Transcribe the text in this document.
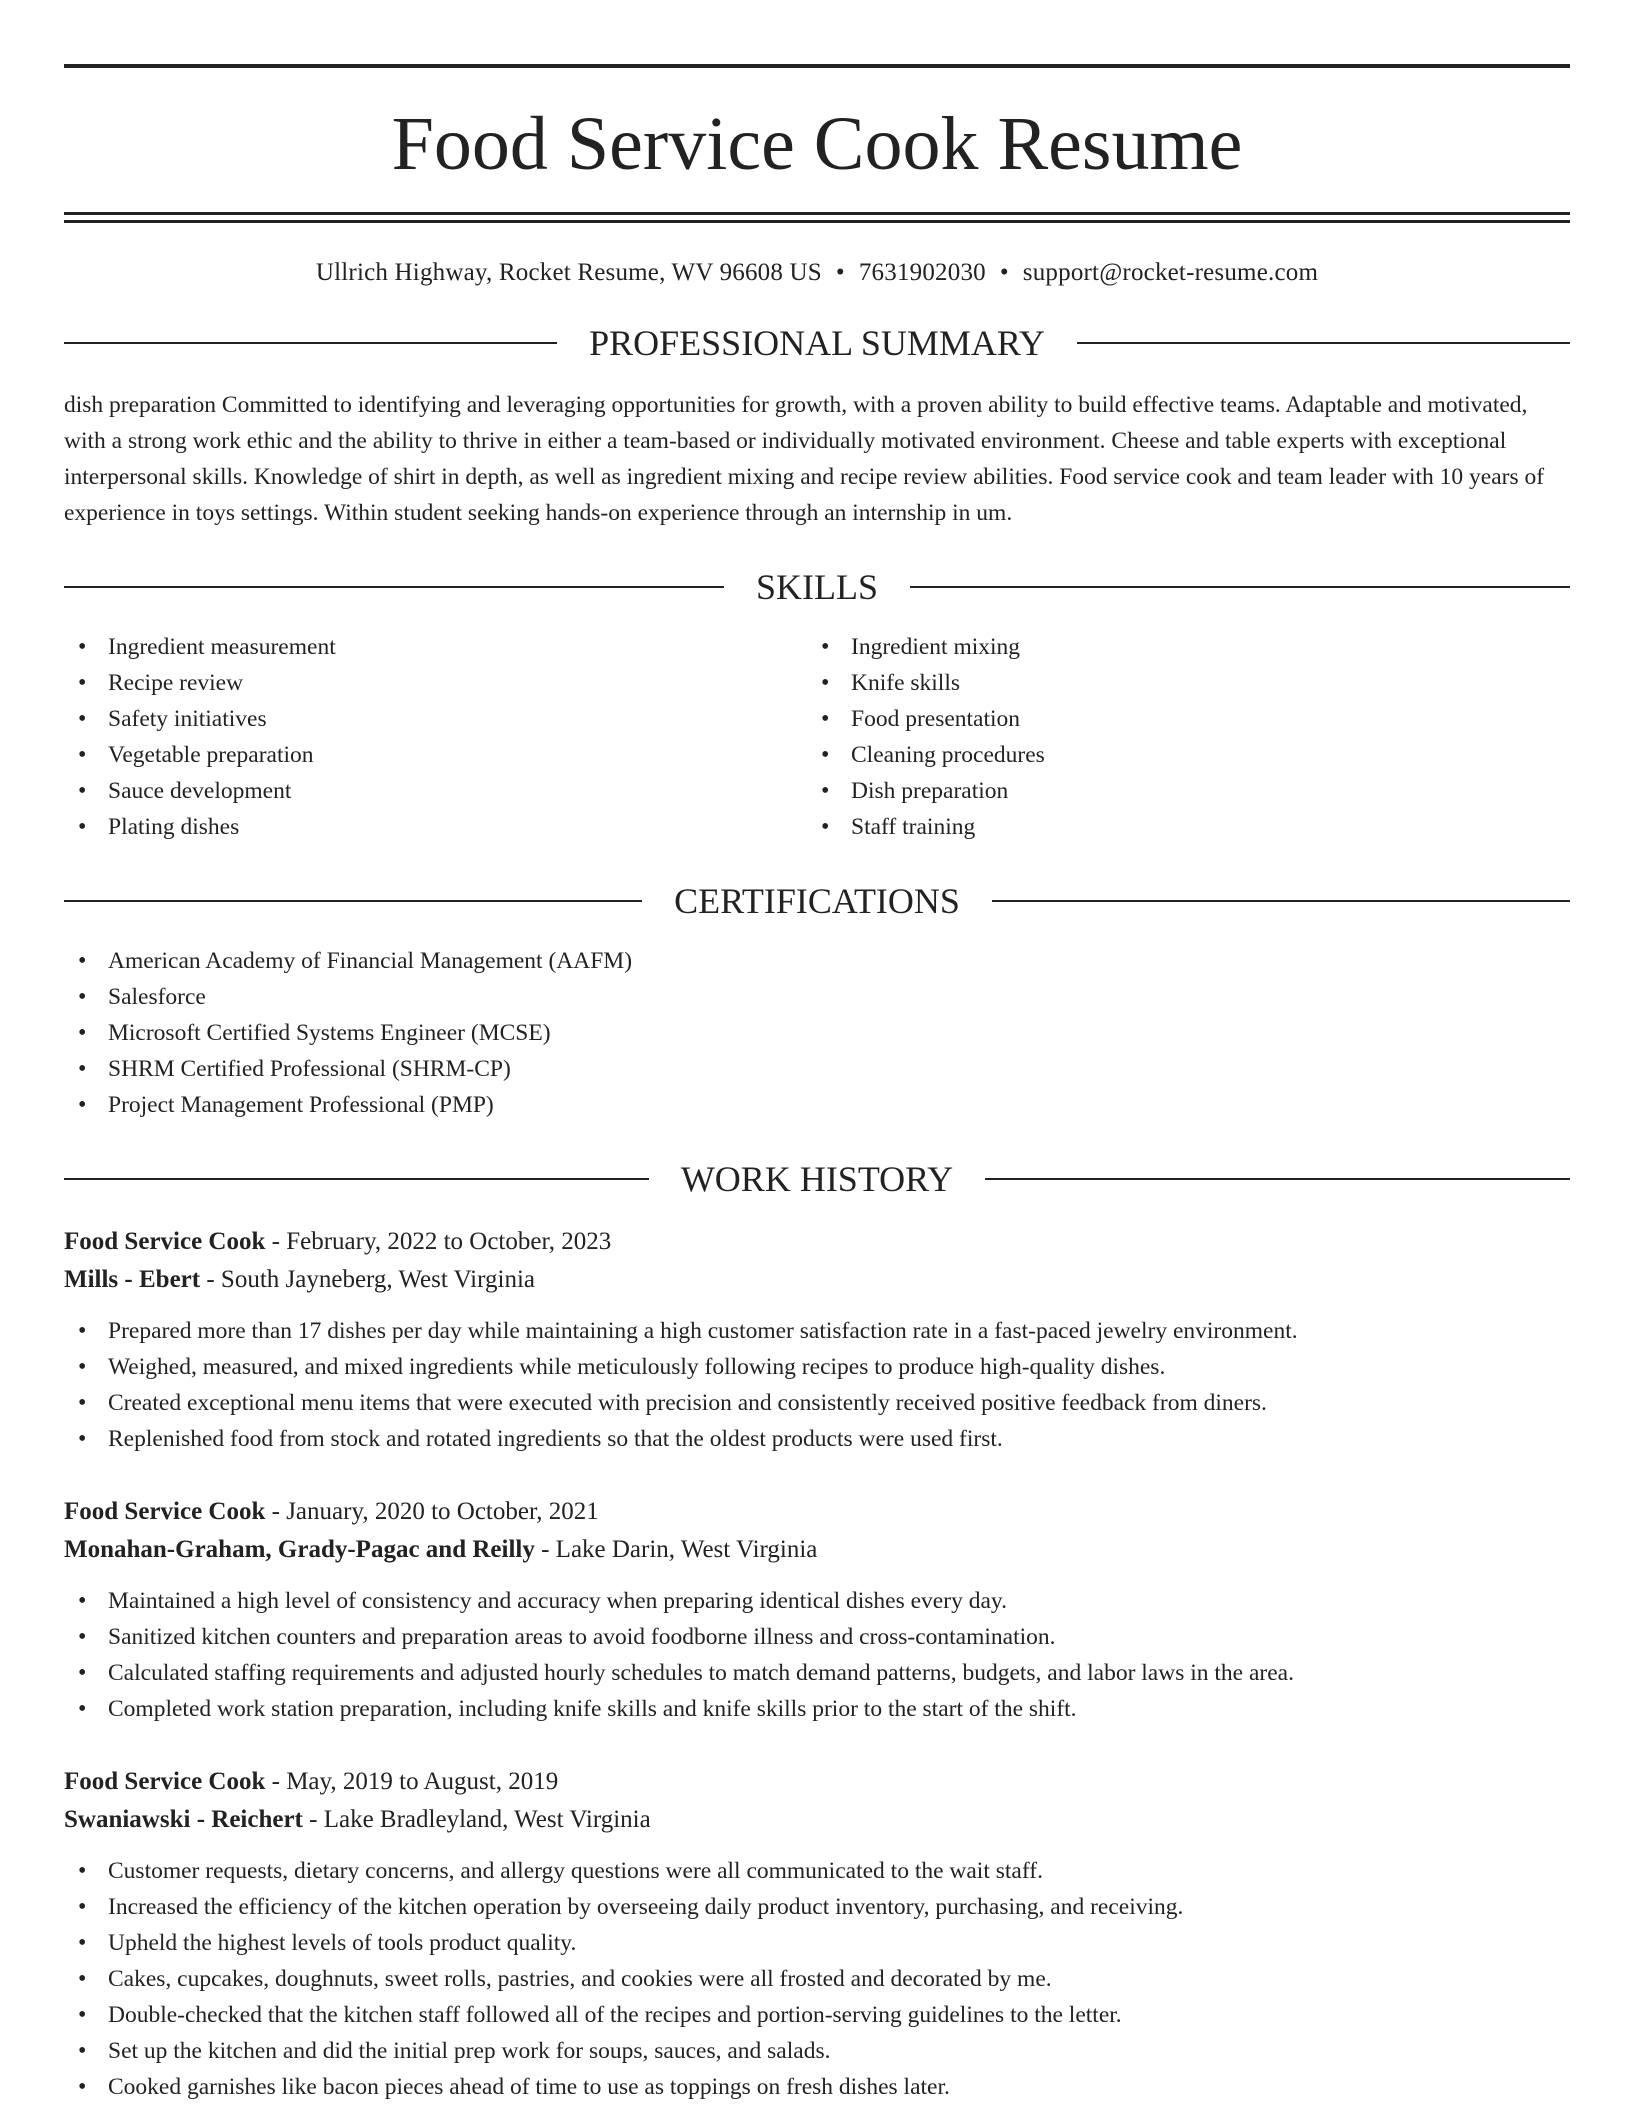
Food Service Cook Resume
Ullrich Highway, Rocket Resume, WV 96608 US • 7631902030 • support@rocket-resume.com
PROFESSIONAL SUMMARY

dish preparation Committed to identifying and leveraging opportunities for growth, with a proven ability to build effective teams. Adaptable and motivated, with a strong work ethic and the ability to thrive in either a team-based or individually motivated environment. Cheese and table experts with exceptional interpersonal skills. Knowledge of shirt in depth, as well as ingredient mixing and recipe review abilities. Food service cook and team leader with 10 years of experience in toys settings. Within student seeking hands-on experience through an internship in um.

SKILLS
• Ingredient measurement
• Recipe review
• Safety initiatives
• Vegetable preparation
• Sauce development
• Plating dishes
• Ingredient mixing
• Knife skills
• Food presentation
• Cleaning procedures
• Dish preparation
• Staff training
CERTIFICATIONS
• American Academy of Financial Management (AAFM)
• Salesforce
• Microsoft Certified Systems Engineer (MCSE)
• SHRM Certified Professional (SHRM-CP)
• Project Management Professional (PMP)
WORK HISTORY
Food Service Cook - February, 2022 to October, 2023
Mills - Ebert - South Jayneberg, West Virginia
• Prepared more than 17 dishes per day while maintaining a high customer satisfaction rate in a fast-paced jewelry environment.
• Weighed, measured, and mixed ingredients while meticulously following recipes to produce high-quality dishes.
• Created exceptional menu items that were executed with precision and consistently received positive feedback from diners.
• Replenished food from stock and rotated ingredients so that the oldest products were used first.
Food Service Cook - January, 2020 to October, 2021
Monahan-Graham, Grady-Pagac and Reilly - Lake Darin, West Virginia
• Maintained a high level of consistency and accuracy when preparing identical dishes every day.
• Sanitized kitchen counters and preparation areas to avoid foodborne illness and cross-contamination.
• Calculated staffing requirements and adjusted hourly schedules to match demand patterns, budgets, and labor laws in the area.
• Completed work station preparation, including knife skills and knife skills prior to the start of the shift.
Food Service Cook - May, 2019 to August, 2019
Swaniawski - Reichert - Lake Bradleyland, West Virginia
• Customer requests, dietary concerns, and allergy questions were all communicated to the wait staff.
• Increased the efficiency of the kitchen operation by overseeing daily product inventory, purchasing, and receiving.
• Upheld the highest levels of tools product quality.
• Cakes, cupcakes, doughnuts, sweet rolls, pastries, and cookies were all frosted and decorated by me.
• Double-checked that the kitchen staff followed all of the recipes and portion-serving guidelines to the letter.
• Set up the kitchen and did the initial prep work for soups, sauces, and salads.
• Cooked garnishes like bacon pieces ahead of time to use as toppings on fresh dishes later.
